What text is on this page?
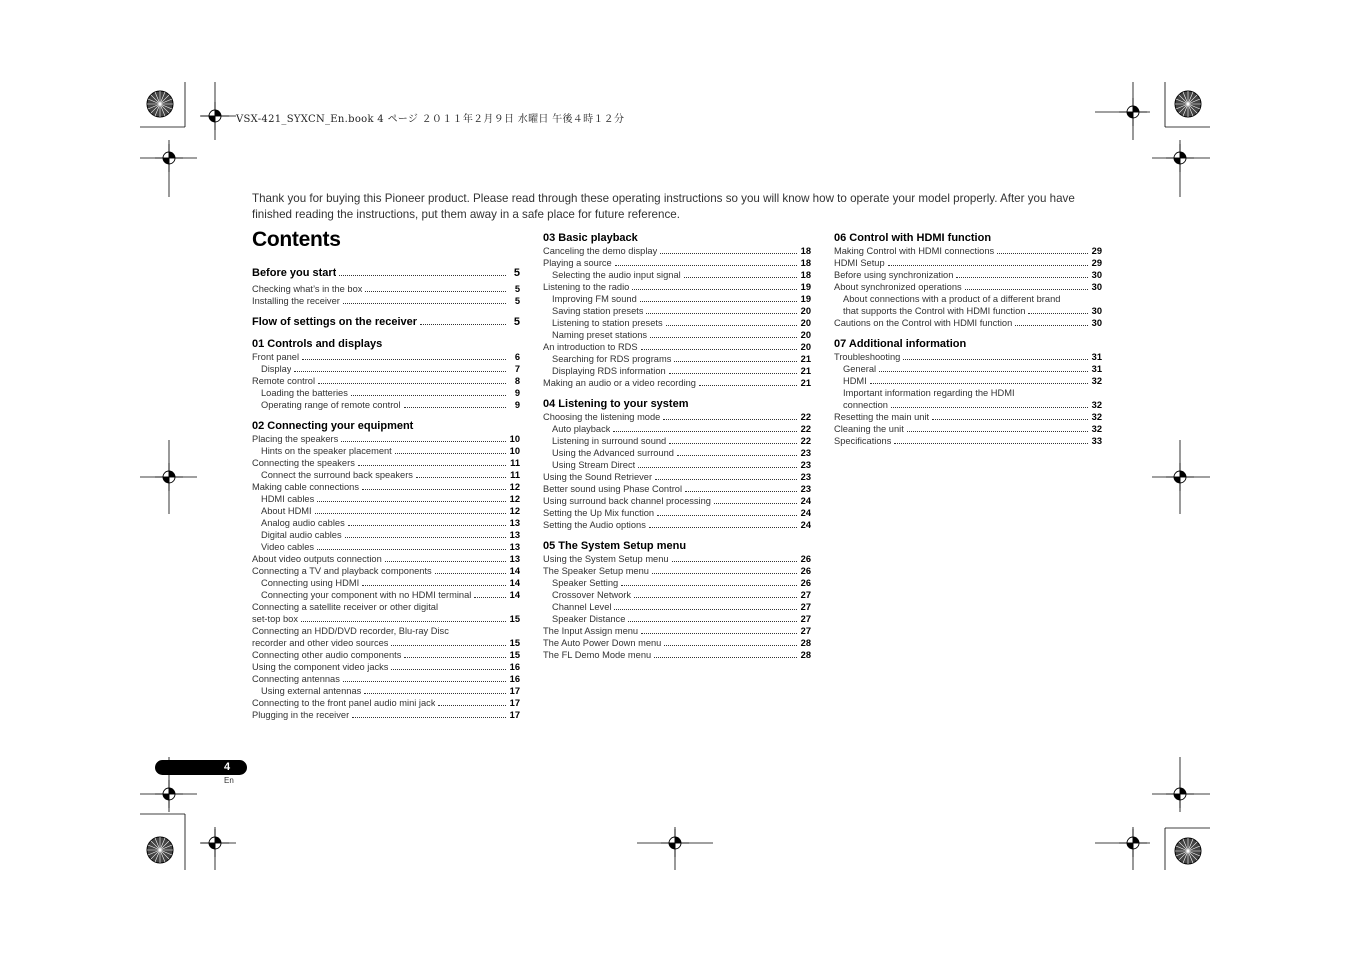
VSX-421_SYXCN_En.book 4 ページ ２０１１年２月９日 水曜日 午後４時１２分
Thank you for buying this Pioneer product. Please read through these operating instructions so you will know how to operate your model properly. After you have finished reading the instructions, put them away in a safe place for future reference.
Contents
Before you start	5
Checking what’s in the box	5
Installing the receiver	5
Flow of settings on the receiver	5
01 Controls and displays
Front panel	6
Display	7
Remote control	8
Loading the batteries	9
Operating range of remote control	9
02 Connecting your equipment
Placing the speakers	10
Hints on the speaker placement	10
Connecting the speakers	11
Connect the surround back speakers	11
Making cable connections	12
HDMI cables	12
About HDMI	12
Analog audio cables	13
Digital audio cables	13
Video cables	13
About video outputs connection	13
Connecting a TV and playback components	14
Connecting using HDMI	14
Connecting your component with no HDMI terminal	14
Connecting a satellite receiver or other digital
set-top box	15
Connecting an HDD/DVD recorder, Blu-ray Disc
recorder and other video sources	15
Connecting other audio components	15
Using the component video jacks	16
Connecting antennas	16
Using external antennas	17
Connecting to the front panel audio mini jack	17
Plugging in the receiver	17
03 Basic playback
Canceling the demo display	18
Playing a source	18
Selecting the audio input signal	18
Listening to the radio	19
Improving FM sound	19
Saving station presets	20
Listening to station presets	20
Naming preset stations	20
An introduction to RDS	20
Searching for RDS programs	21
Displaying RDS information	21
Making an audio or a video recording	21
04 Listening to your system
Choosing the listening mode	22
Auto playback	22
Listening in surround sound	22
Using the Advanced surround	23
Using Stream Direct	23
Using the Sound Retriever	23
Better sound using Phase Control	23
Using surround back channel processing	24
Setting the Up Mix function	24
Setting the Audio options	24
05 The System Setup menu
Using the System Setup menu	26
The Speaker Setup menu	26
Speaker Setting	26
Crossover Network	27
Channel Level	27
Speaker Distance	27
The Input Assign menu	27
The Auto Power Down menu	28
The FL Demo Mode menu	28
06 Control with HDMI function
Making Control with HDMI connections	29
HDMI Setup	29
Before using synchronization	30
About synchronized operations	30
About connections with a product of a different brand
that supports the Control with HDMI function	30
Cautions on the Control with HDMI function	30
07 Additional information
Troubleshooting	31
General	31
HDMI	32
Important information regarding the HDMI
connection	32
Resetting the main unit	32
Cleaning the unit	32
Specifications	33
4
En
